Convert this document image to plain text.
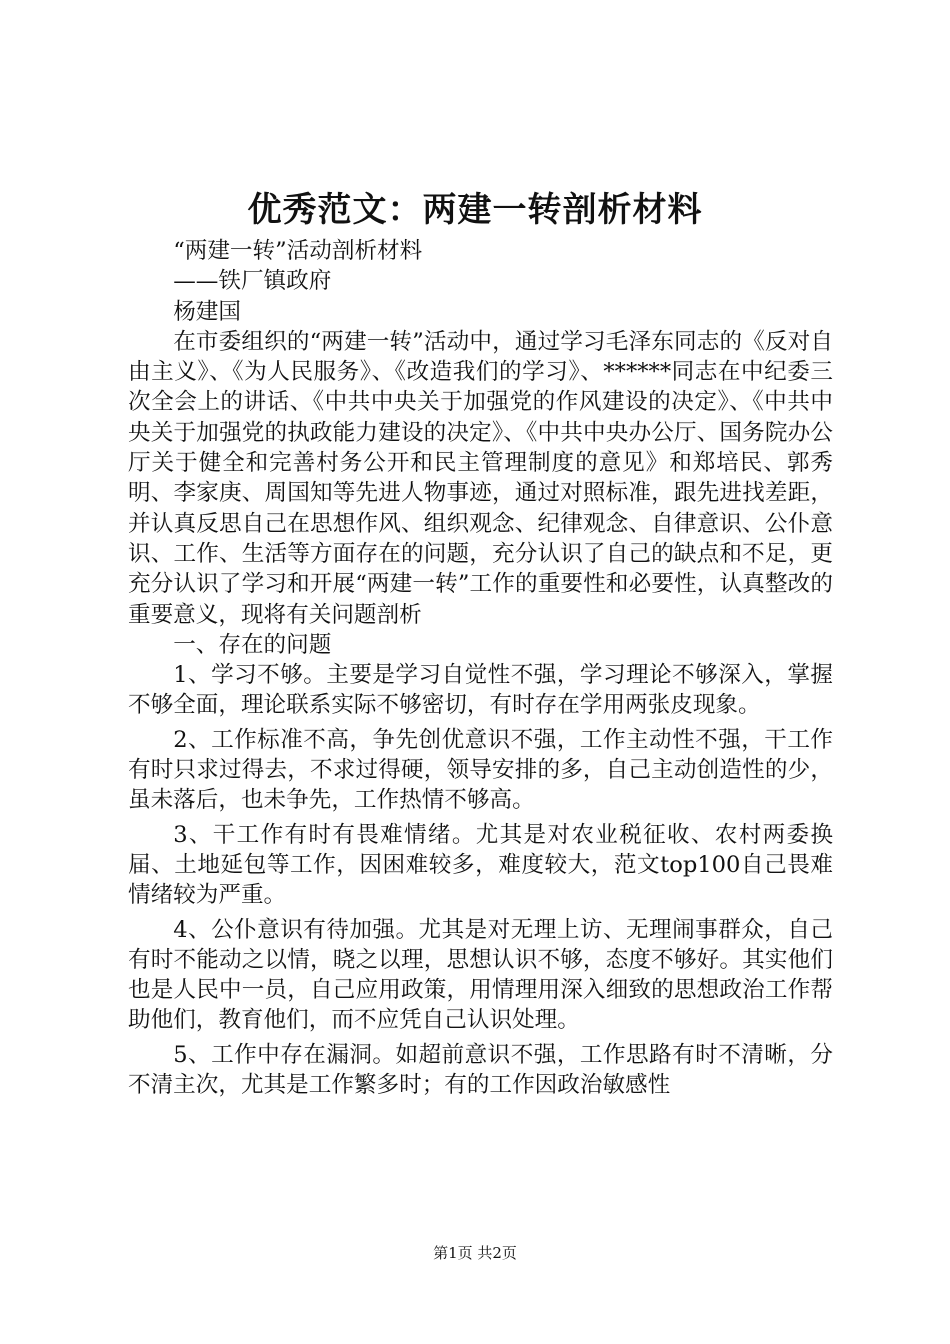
优秀范文：两建一转剖析材料

“两建一转”活动剖析材料

——铁厂镇政府

杨建国

在市委组织的“两建一转”活动中，通过学习毛泽东同志的《反对自由主义》、《为人民服务》、《改造我们的学习》、******同志在中纪委三次全会上的讲话、《中共中央关于加强党的作风建设的决定》、《中共中央关于加强党的执政能力建设的决定》、《中共中央办公厅、国务院办公厅关于健全和完善村务公开和民主管理制度的意见》和郑培民、郭秀明、李家庚、周国知等先进人物事迹，通过对照标准，跟先进找差距，并认真反思自己在思想作风、组织观念、纪律观念、自律意识、公仆意识、工作、生活等方面存在的问题，充分认识了自己的缺点和不足，更充分认识了学习和开展“两建一转”工作的重要性和必要性，认真整改的重要意义，现将有关问题剖析

一、存在的问题

1、学习不够。主要是学习自觉性不强，学习理论不够深入，掌握不够全面，理论联系实际不够密切，有时存在学用两张皮现象。

2、工作标准不高，争先创优意识不强，工作主动性不强，干工作有时只求过得去，不求过得硬，领导安排的多，自己主动创造性的少，虽未落后，也未争先，工作热情不够高。

3、干工作有时有畏难情绪。尤其是对农业税征收、农村两委换届、土地延包等工作，因困难较多，难度较大，范文top100自己畏难情绪较为严重。

4、公仆意识有待加强。尤其是对无理上访、无理闹事群众，自己有时不能动之以情，晓之以理，思想认识不够，态度不够好。其实他们也是人民中一员，自己应用政策，用情理用深入细致的思想政治工作帮助他们，教育他们，而不应凭自己认识处理。

5、工作中存在漏洞。如超前意识不强，工作思路有时不清晰，分不清主次，尤其是工作繁多时；有的工作因政治敏感性

第1页 共2页
